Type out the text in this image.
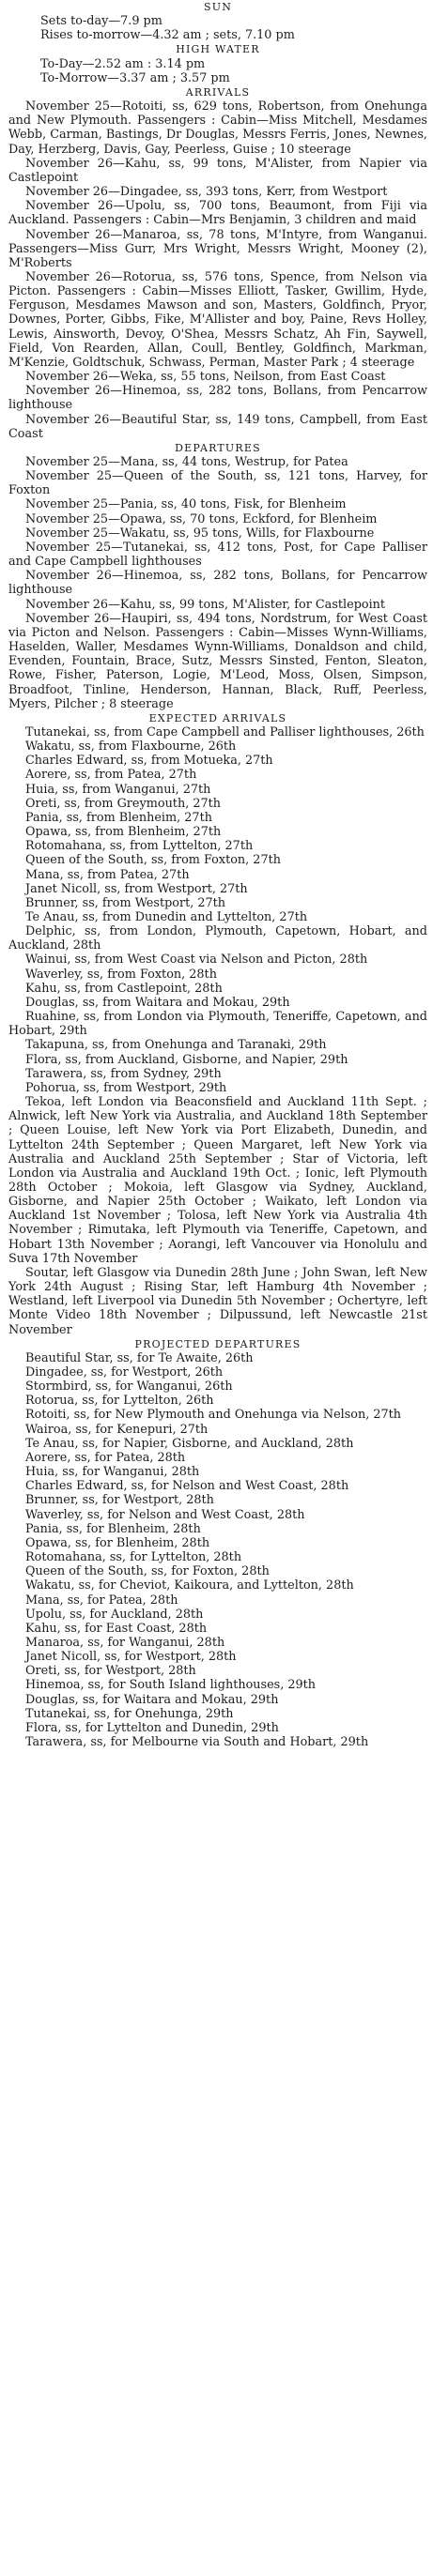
SUN

Sets to-day—7.9 pm

Rises to-morrow—4.32 am ; sets, 7.10 pm

HIGH WATER

To-Day—2.52 am : 3.14 pm

To-Morrow—3.37 am ; 3.57 pm

ARRIVALS

November 25—Rotoiti, ss, 629 tons, Robertson, from Onehunga and New Plymouth. Passengers : Cabin—Miss Mitchell, Mesdames Webb, Carman, Bastings, Dr Douglas, Messrs Ferris, Jones, Newnes, Day, Herzberg, Davis, Gay, Peerless, Guise ; 10 steerage

November 26—Kahu, ss, 99 tons, M'Alister, from Napier via Castlepoint

November 26—Dingadee, ss, 393 tons, Kerr, from Westport

November 26—Upolu, ss, 700 tons, Beaumont, from Fiji via Auckland. Passengers : Cabin—Mrs Benjamin, 3 children and maid

November 26—Manaroa, ss, 78 tons, M'Intyre, from Wanganui. Passengers—Miss Gurr, Mrs Wright, Messrs Wright, Mooney (2), M'Roberts

November 26—Rotorua, ss, 576 tons, Spence, from Nelson via Picton. Passengers : Cabin—Misses Elliott, Tasker, Gwillim, Hyde, Ferguson, Mesdames Mawson and son, Masters, Goldfinch, Pryor, Downes, Porter, Gibbs, Fike, M'Allister and boy, Paine, Revs Holley, Lewis, Ainsworth, Devoy, O'Shea, Messrs Schatz, Ah Fin, Saywell, Field, Von Rearden, Allan, Coull, Bentley, Goldfinch, Markman, M'Kenzie, Goldtschuk, Schwass, Perman, Master Park ; 4 steerage

November 26—Weka, ss, 55 tons, Neilson, from East Coast

November 26—Hinemoa, ss, 282 tons, Bollans, from Pencarrow lighthouse

November 26—Beautiful Star, ss, 149 tons, Campbell, from East Coast

DEPARTURES

November 25—Mana, ss, 44 tons, Westrup, for Patea

November 25—Queen of the South, ss, 121 tons, Harvey, for Foxton

November 25—Pania, ss, 40 tons, Fisk, for Blenheim

November 25—Opawa, ss, 70 tons, Eckford, for Blenheim

November 25—Wakatu, ss, 95 tons, Wills, for Flaxbourne

November 25—Tutanekai, ss, 412 tons, Post, for Cape Palliser and Cape Campbell lighthouses

November 26—Hinemoa, ss, 282 tons, Bollans, for Pencarrow lighthouse

November 26—Kahu, ss, 99 tons, M'Alister, for Castlepoint

November 26—Haupiri, ss, 494 tons, Nordstrum, for West Coast via Picton and Nelson. Passengers : Cabin—Misses Wynn-Williams, Haselden, Waller, Mesdames Wynn-Williams, Donaldson and child, Evenden, Fountain, Brace, Sutz, Messrs Sinsted, Fenton, Sleaton, Rowe, Fisher, Paterson, Logie, M'Leod, Moss, Olsen, Simpson, Broadfoot, Tinline, Henderson, Hannan, Black, Ruff, Peerless, Myers, Pilcher ; 8 steerage

EXPECTED ARRIVALS

Tutanekai, ss, from Cape Campbell and Palliser lighthouses, 26th

Wakatu, ss, from Flaxbourne, 26th

Charles Edward, ss, from Motueka, 27th

Aorere, ss, from Patea, 27th

Huia, ss, from Wanganui, 27th

Oreti, ss, from Greymouth, 27th

Pania, ss, from Blenheim, 27th

Opawa, ss, from Blenheim, 27th

Rotomahana, ss, from Lyttelton, 27th

Queen of the South, ss, from Foxton, 27th

Mana, ss, from Patea, 27th

Janet Nicoll, ss, from Westport, 27th

Brunner, ss, from Westport, 27th

Te Anau, ss, from Dunedin and Lyttelton, 27th

Delphic, ss, from London, Plymouth, Capetown, Hobart, and Auckland, 28th

Wainui, ss, from West Coast via Nelson and Picton, 28th

Waverley, ss, from Foxton, 28th

Kahu, ss, from Castlepoint, 28th

Douglas, ss, from Waitara and Mokau, 29th

Ruahine, ss, from London via Plymouth, Teneriffe, Capetown, and Hobart, 29th

Takapuna, ss, from Onehunga and Taranaki, 29th

Flora, ss, from Auckland, Gisborne, and Napier, 29th

Tarawera, ss, from Sydney, 29th

Pohorua, ss, from Westport, 29th

Tekoa, left London via Beaconsfield and Auckland 11th Sept. ; Alnwick, left New York via Australia, and Auckland 18th September ; Queen Louise, left New York via Port Elizabeth, Dunedin, and Lyttelton 24th September ; Queen Margaret, left New York via Australia and Auckland 25th September ; Star of Victoria, left London via Australia and Auckland 19th Oct. ; Ionic, left Plymouth 28th October ; Mokoia, left Glasgow via Sydney, Auckland, Gisborne, and Napier 25th October ; Waikato, left London via Auckland 1st November ; Tolosa, left New York via Australia 4th November ; Rimutaka, left Plymouth via Teneriffe, Capetown, and Hobart 13th November ; Aorangi, left Vancouver via Honolulu and Suva 17th November

Soutar, left Glasgow via Dunedin 28th June ; John Swan, left New York 24th August ; Rising Star, left Hamburg 4th November ; Westland, left Liverpool via Dunedin 5th November ; Ochertyre, left Monte Video 18th November ; Dilpussund, left Newcastle 21st November

PROJECTED DEPARTURES

Beautiful Star, ss, for Te Awaite, 26th

Dingadee, ss, for Westport, 26th

Stormbird, ss, for Wanganui, 26th

Rotorua, ss, for Lyttelton, 26th

Rotoiti, ss, for New Plymouth and Onehunga via Nelson, 27th

Wairoa, ss, for Kenepuri, 27th

Te Anau, ss, for Napier, Gisborne, and Auckland, 28th

Aorere, ss, for Patea, 28th

Huia, ss, for Wanganui, 28th

Charles Edward, ss, for Nelson and West Coast, 28th

Brunner, ss, for Westport, 28th

Waverley, ss, for Nelson and West Coast, 28th

Pania, ss, for Blenheim, 28th

Opawa, ss, for Blenheim, 28th

Rotomahana, ss, for Lyttelton, 28th

Queen of the South, ss, for Foxton, 28th

Wakatu, ss, for Cheviot, Kaikoura, and Lyttelton, 28th

Mana, ss, for Patea, 28th

Upolu, ss, for Auckland, 28th

Kahu, ss, for East Coast, 28th

Manaroa, ss, for Wanganui, 28th

Janet Nicoll, ss, for Westport, 28th

Oreti, ss, for Westport, 28th

Hinemoa, ss, for South Island lighthouses, 29th

Douglas, ss, for Waitara and Mokau, 29th

Tutanekai, ss, for Onehunga, 29th

Flora, ss, for Lyttelton and Dunedin, 29th

Tarawera, ss, for Melbourne via South and Hobart, 29th
